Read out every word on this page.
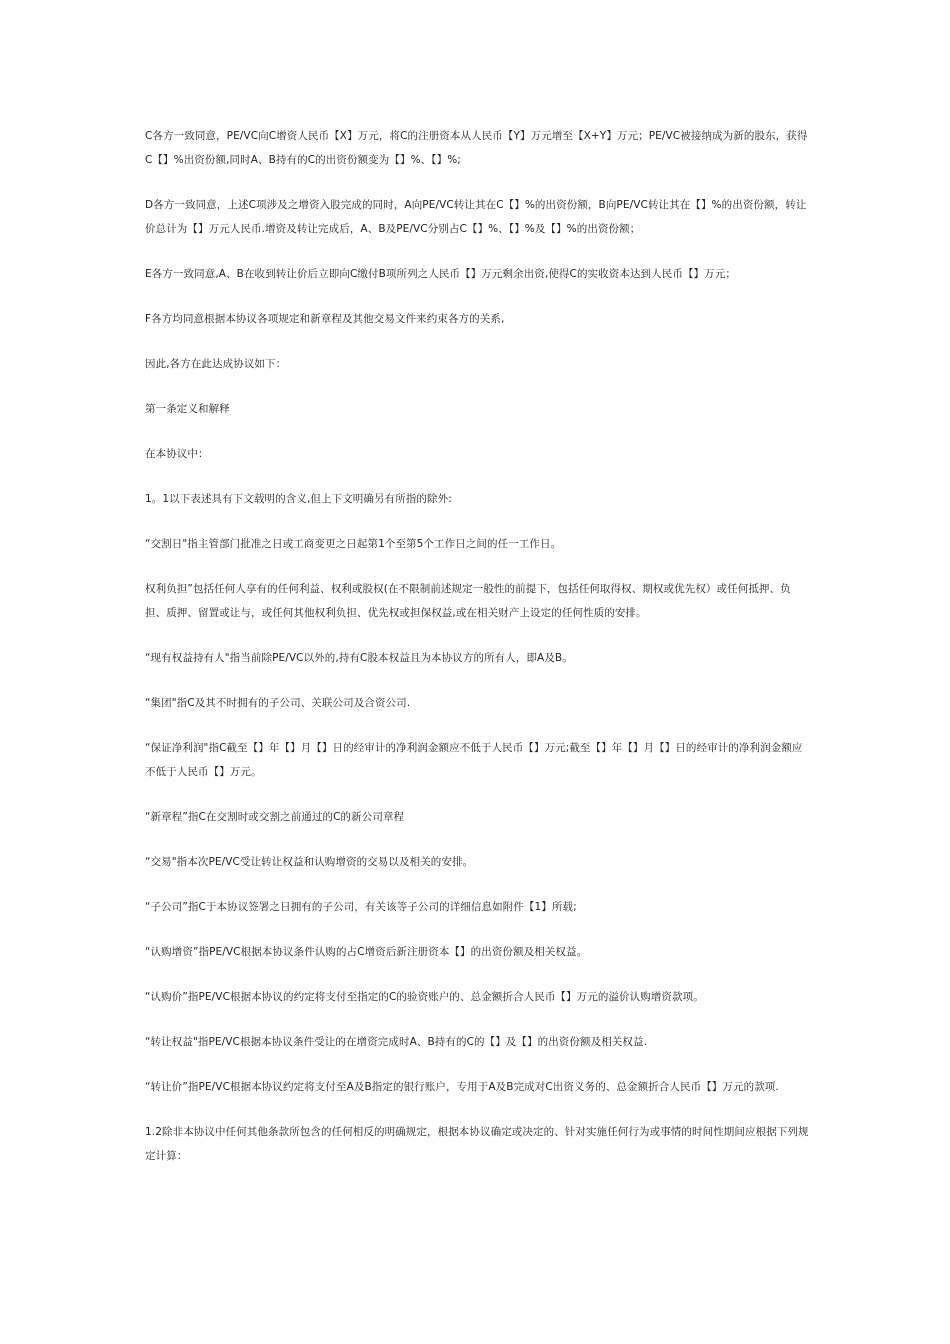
C各方一致同意，PE/VC向C增资人民币【X】万元，将C的注册资本从人民币【Y】万元增至【X+Y】万元；PE/VC被接纳成为新的股东，获得C【】%出资份额,同时A、B持有的C的出资份额变为【】%、【】%;

D各方一致同意，上述C项涉及之增资入股完成的同时，A向PE/VC转让其在C【】%的出资份额，B向PE/VC转让其在【】%的出资份额，转让价总计为【】万元人民币.增资及转让完成后，A、B及PE/VC分别占C【】%、【】%及【】%的出资份额；

E各方一致同意,A、B在收到转让价后立即向C缴付B项所列之人民币【】万元剩余出资,使得C的实收资本达到人民币【】万元；

F各方均同意根据本协议各项规定和新章程及其他交易文件来约束各方的关系,

因此,各方在此达成协议如下：

第一条定义和解释

在本协议中：

1。1以下表述具有下文载明的含义,但上下文明确另有所指的除外:

“交割日"指主管部门批准之日或工商变更之日起第1个至第5个工作日之间的任一工作日。

权利负担”包括任何人享有的任何利益、权利或股权(在不限制前述规定一般性的前提下，包括任何取得权、期权或优先权）或任何抵押、负担、质押、留置或让与，或任何其他权利负担、优先权或担保权益,或在相关财产上设定的任何性质的安排。

“现有权益持有人"指当前除PE/VC以外的,持有C股本权益且为本协议方的所有人，即A及B。

“集团"指C及其不时拥有的子公司、关联公司及合资公司.

“保证净利润"指C截至【】年【】月【】日的经审计的净利润金额应不低于人民币【】万元;截至【】年【】月【】日的经审计的净利润金额应不低于人民币【】万元。

“新章程”指C在交割时或交割之前通过的C的新公司章程

“交易"指本次PE/VC受让转让权益和认购增资的交易以及相关的安排。

“子公司”指C于本协议签署之日拥有的子公司，有关该等子公司的详细信息如附件【1】所载;

“认购增资”指PE/VC根据本协议条件认购的占C增资后新注册资本【】的出资份额及相关权益。

“认购价”指PE/VC根据本协议的约定将支付至指定的C的验资账户的、总金额折合人民币【】万元的溢价认购增资款项。

“转让权益"指PE/VC根据本协议条件受让的在增资完成时A、B持有的C的【】及【】的出资份额及相关权益.

“转让价”指PE/VC根据本协议约定将支付至A及B指定的银行账户，专用于A及B完成对C出资义务的、总金额折合人民币【】万元的款项.

1.2除非本协议中任何其他条款所包含的任何相反的明确规定，根据本协议确定或决定的、针对实施任何行为或事情的时间性期间应根据下列规定计算：
